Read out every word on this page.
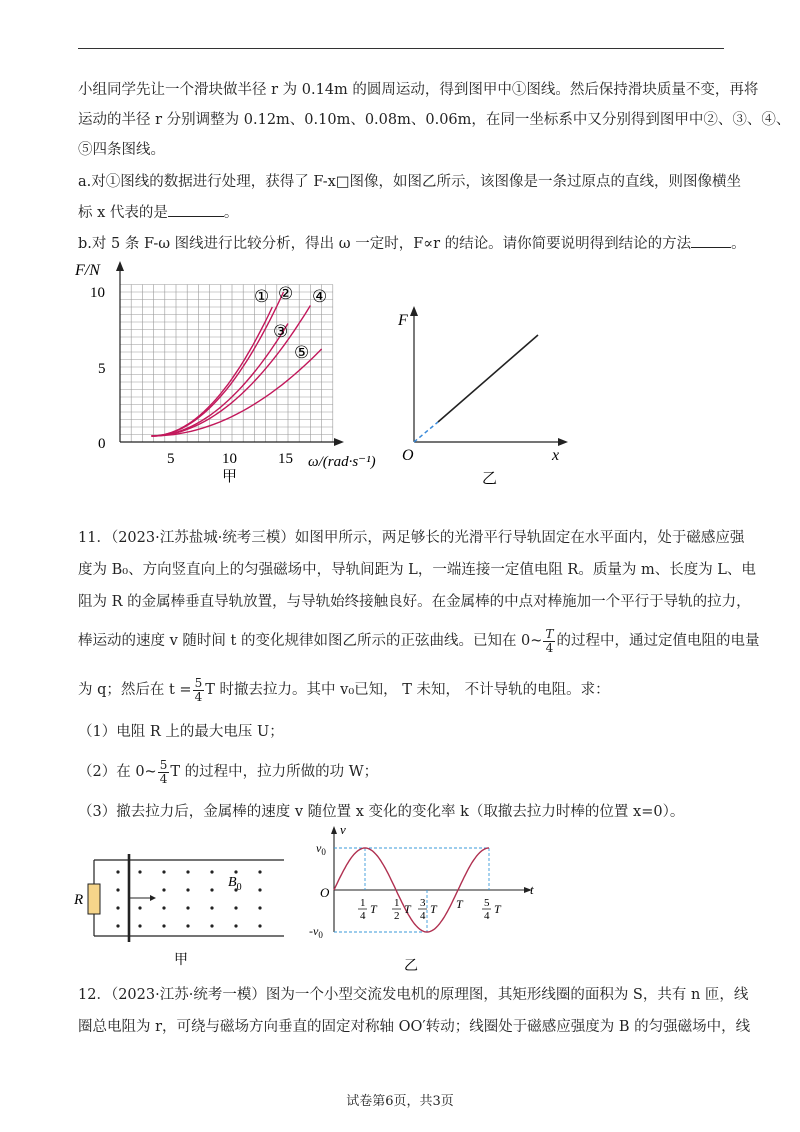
小组同学先让一个滑块做半径 r 为 0.14m 的圆周运动，得到图甲中①图线。然后保持滑块质量不变，再将
运动的半径 r 分别调整为 0.12m、0.10m、0.08m、0.06m，在同一坐标系中又分别得到图甲中②、③、④、
⑤四条图线。
a.对①图线的数据进行处理，获得了 F-x□图像，如图乙所示，该图像是一条过原点的直线，则图像横坐
标 x 代表的是	。
b.对 5 条 F-ω 图线进行比较分析，得出 ω 一定时，F∝r 的结论。请你简要说明得到结论的方法	。
F/N
10
5
0
5	10	15 ω/(rad·s⁻¹)
① ② ④
③
⑤
甲
F
O	x
乙
11．（2023·江苏盐城·统考三模）如图甲所示，两足够长的光滑平行导轨固定在水平面内，处于磁感应强
度为 B₀、方向竖直向上的匀强磁场中，导轨间距为 L，一端连接一定值电阻 R。质量为 m、长度为 L、电
阻为 R 的金属棒垂直导轨放置，与导轨始终接触良好。在金属棒的中点对棒施加一个平行于导轨的拉力，
棒运动的速度 v 随时间 t 的变化规律如图乙所示的正弦曲线。已知在 0~ $\frac{T}{4}$ 的过程中，通过定值电阻的电量
为 q；然后在 $t = \frac{5}{4}$ T 时撤去拉力。其中 v₀已知， T 未知， 不计导轨的电阻。求：
（1）电阻 R 上的最大电压 U；
（2）在 0~ $\frac{5}{4}$ T 的过程中，拉力所做的功 W；
（3）撤去拉力后，金属棒的速度 v 随位置 x 变化的变化率 k（取撤去拉力时棒的位置 x=0）。
R
$B_0$
甲
v
t
O
$v_0$
$-v_0$
1
4 T 1
2 T 3
4 T T 5
4 T
乙
12．（2023·江苏·统考一模）图为一个小型交流发电机的原理图，其矩形线圈的面积为 S，共有 n 匝，线
圈总电阻为 r，可绕与磁场方向垂直的固定对称轴 OO′转动；线圈处于磁感应强度为 B 的匀强磁场中，线
试卷第6页，共3页
